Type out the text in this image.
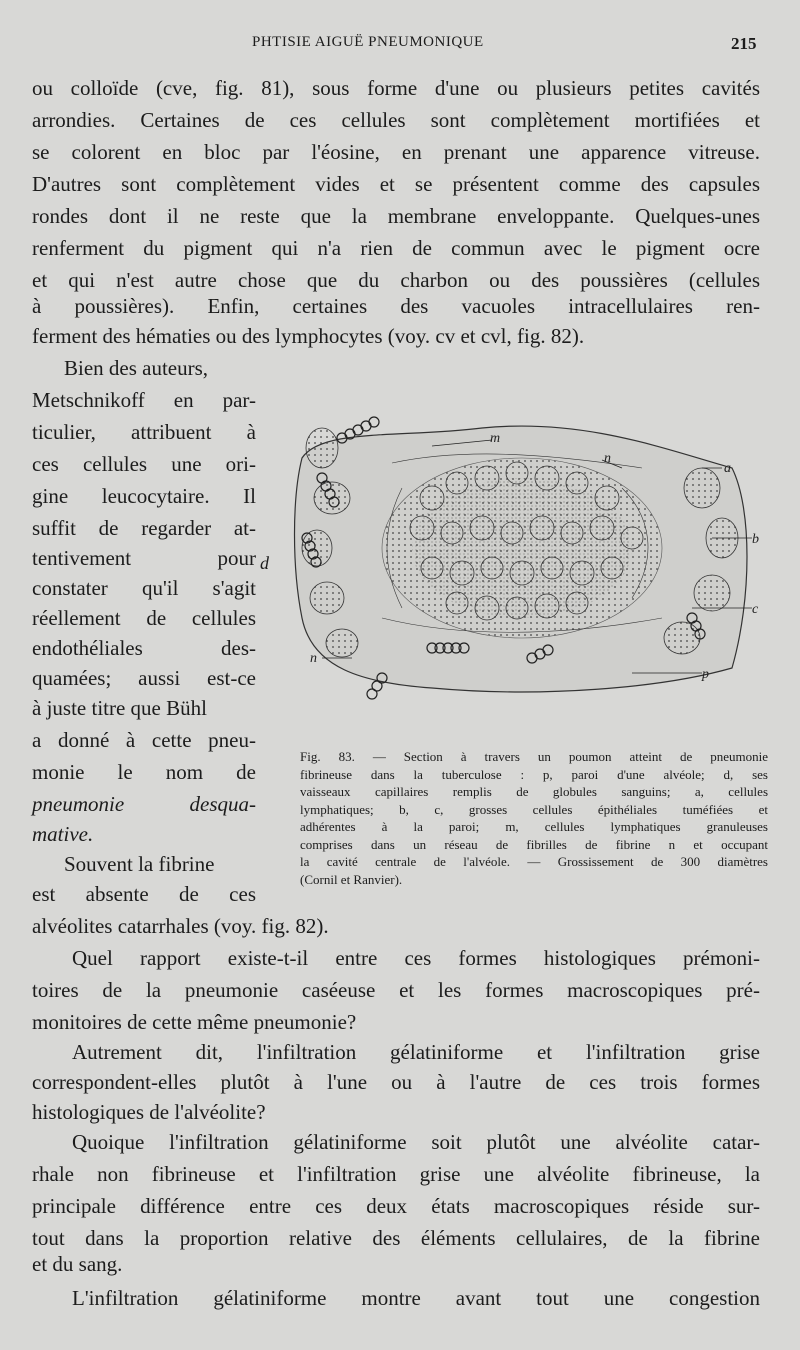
PHTISIE AIGUË PNEUMONIQUE	215
ou colloïde (cve, fig. 81), sous forme d'une ou plusieurs petites cavités
arrondies. Certaines de ces cellules sont complètement mortifiées et
se colorent en bloc par l'éosine, en prenant une apparence vitreuse.
D'autres sont complètement vides et se présentent comme des capsules
rondes dont il ne reste que la membrane enveloppante. Quelques-unes
renferment du pigment qui n'a rien de commun avec le pigment ocre
et qui n'est autre chose que du charbon ou des poussières (cellules
à poussières). Enfin, certaines des vacuoles intracellulaires ren-
ferment des hématies ou des lymphocytes (voy. cv et cvl, fig. 82).
Bien des auteurs,
Metschnikoff en par-
ticulier, attribuent à
ces cellules une ori-
gine leucocytaire. Il
suffit de regarder at-
tentivement pour
constater qu'il s'agit
réellement de cellules
endothéliales des-
quamées; aussi est-ce
à juste titre que Bühl
a donné à cette pneu-
monie le nom de
pneumonie desqua-
mative.
Souvent la fibrine
est absente de ces
d
m
n
a
b
c
p
n
Fig. 83. — Section à travers un poumon atteint de pneumonie
fibrineuse dans la tuberculose : p, paroi d'une alvéole; d, ses
vaisseaux capillaires remplis de globules sanguins; a, cellules
lymphatiques; b, c, grosses cellules épithéliales tuméfiées et
adhérentes à la paroi; m, cellules lymphatiques granuleuses
comprises dans un réseau de fibrilles de fibrine n et occupant
la cavité centrale de l'alvéole. — Grossissement de 300 diamètres
(Cornil et Ranvier).
alvéolites catarrhales (voy. fig. 82).
Quel rapport existe-t-il entre ces formes histologiques prémoni-
toires de la pneumonie caséeuse et les formes macroscopiques pré-
monitoires de cette même pneumonie?
Autrement dit, l'infiltration gélatiniforme et l'infiltration grise
correspondent-elles plutôt à l'une ou à l'autre de ces trois formes
histologiques de l'alvéolite?
Quoique l'infiltration gélatiniforme soit plutôt une alvéolite catar-
rhale non fibrineuse et l'infiltration grise une alvéolite fibrineuse, la
principale différence entre ces deux états macroscopiques réside sur-
tout dans la proportion relative des éléments cellulaires, de la fibrine
et du sang.
L'infiltration gélatiniforme montre avant tout une congestion
